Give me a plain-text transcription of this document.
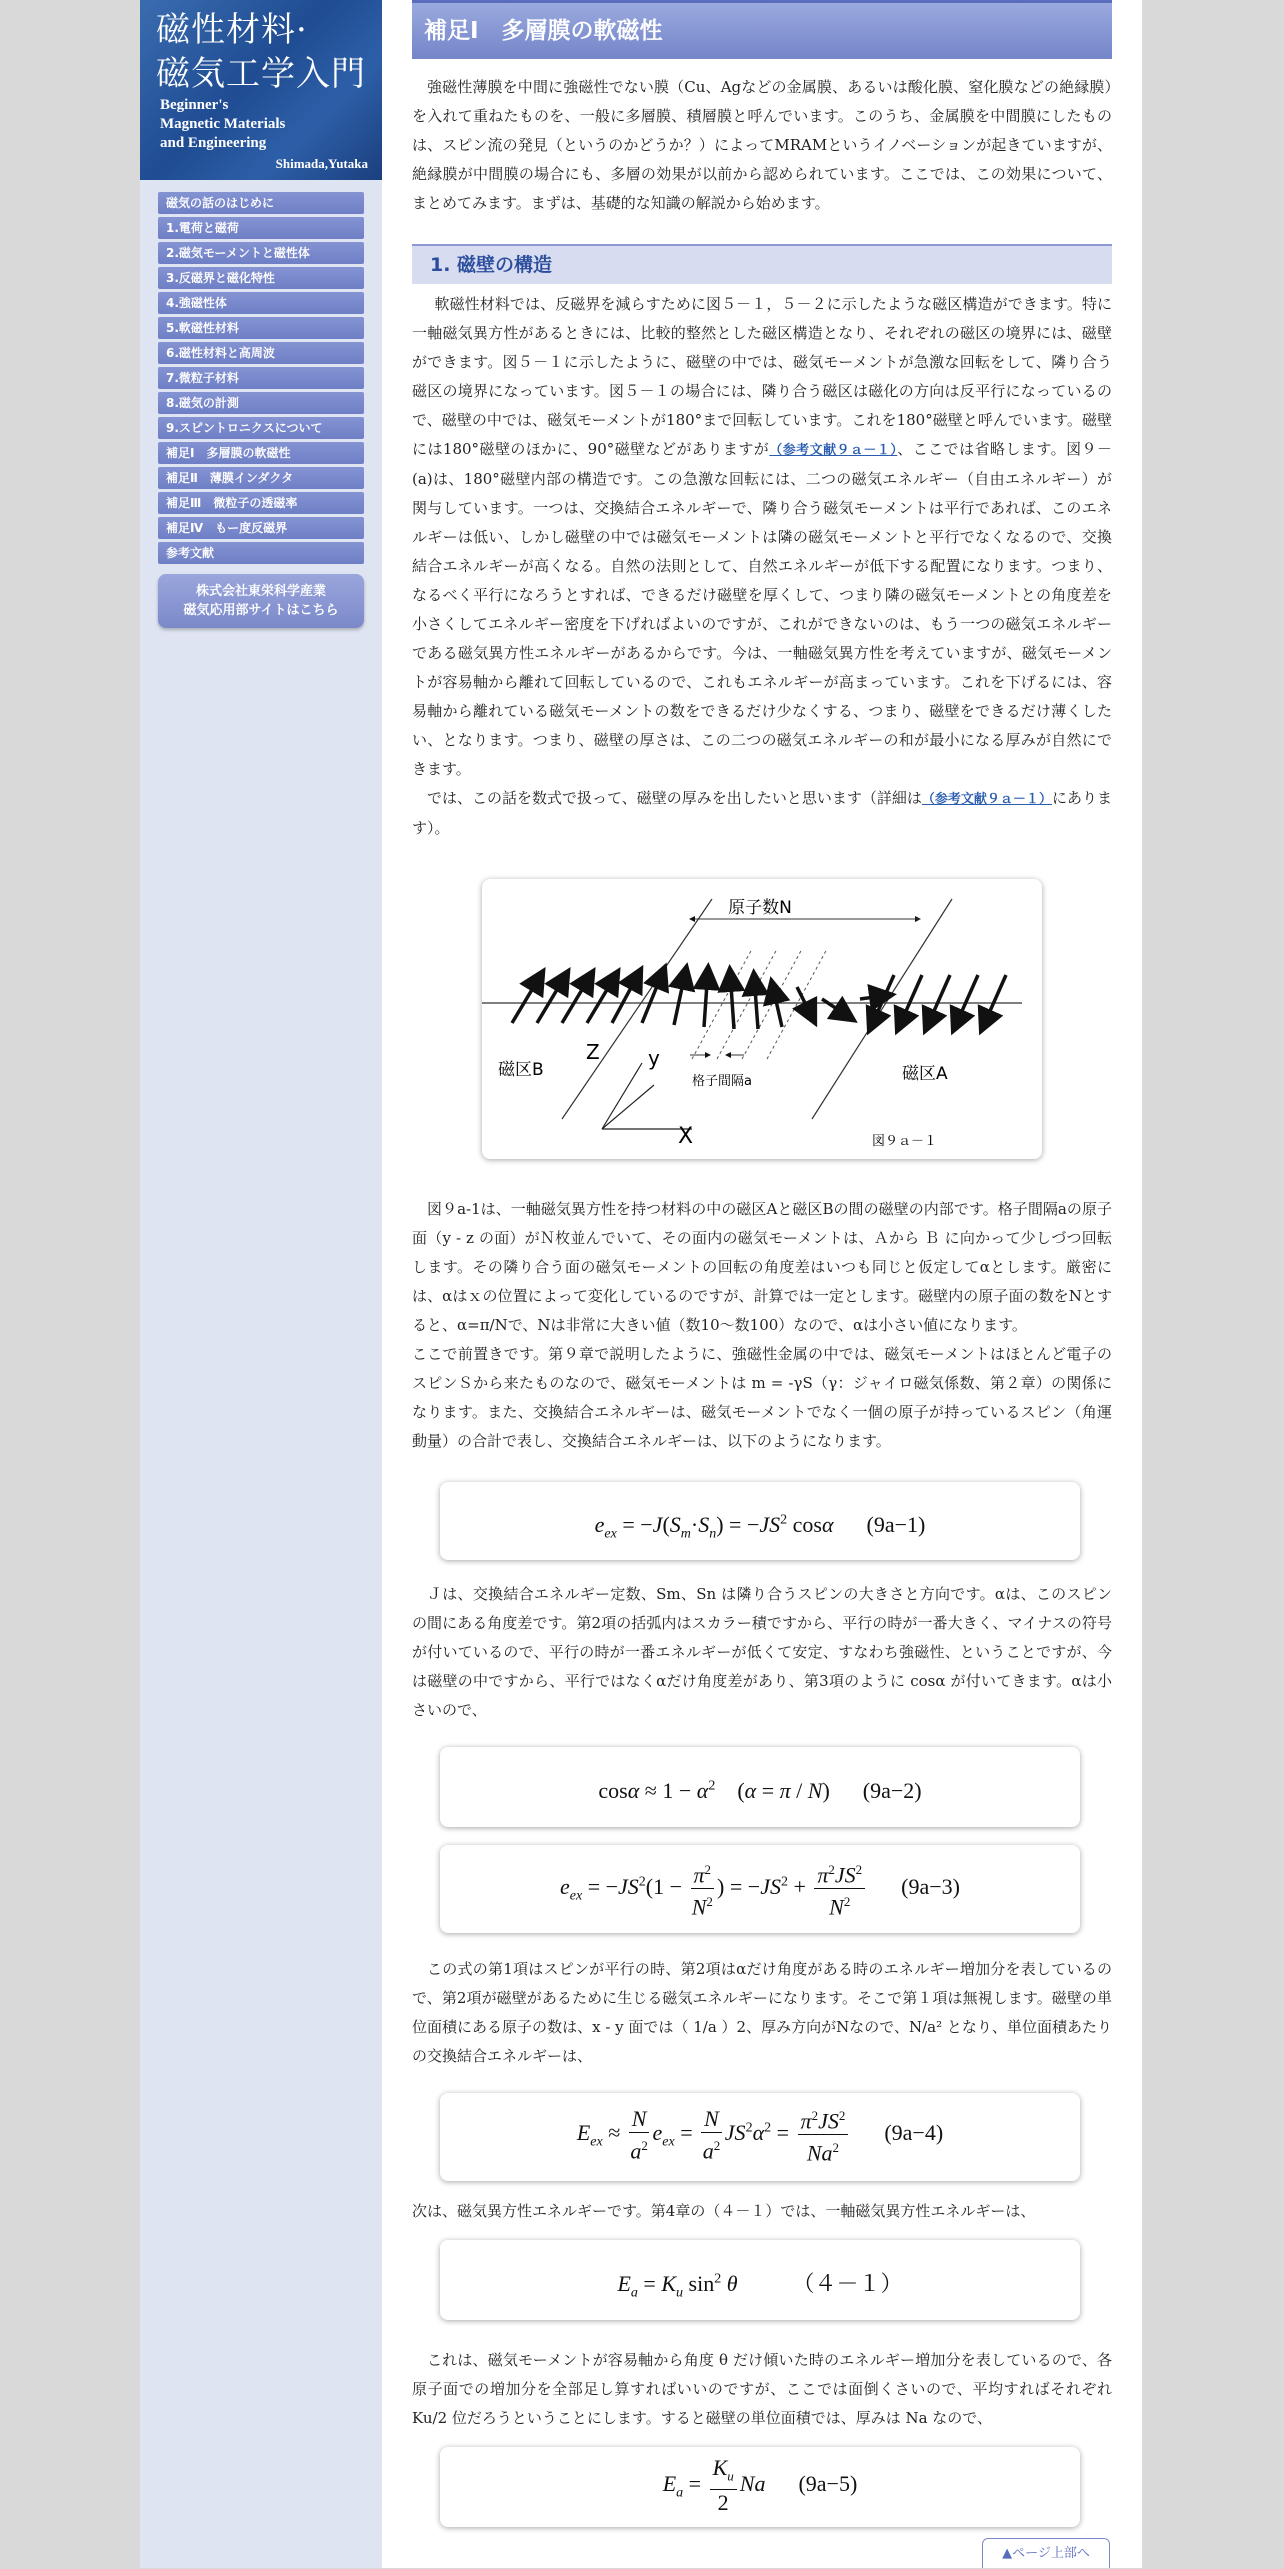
磁性材料·
磁気工学入門
Beginner's
Magnetic Materials
and Engineering
Shimada,Yutaka
磁気の話のはじめに
1.電荷と磁荷
2.磁気モーメントと磁性体
3.反磁界と磁化特性
4.強磁性体
5.軟磁性材料
6.磁性材料と高周波
7.微粒子材料
8.磁気の計測
9.スピントロニクスについて
補足Ⅰ　多層膜の軟磁性
補足Ⅱ　薄膜インダクタ
補足Ⅲ　微粒子の透磁率
補足Ⅳ　もー度反磁界
参考文献
株式会社東栄科学産業
磁気応用部サイトはこちら
補足Ⅰ　多層膜の軟磁性

強磁性薄膜を中間に強磁性でない膜（Cu、Agなどの金属膜、あるいは酸化膜、窒化膜などの絶縁膜）を入れて重ねたものを、一般に多層膜、積層膜と呼んでいます。このうち、金属膜を中間膜にしたものは、スピン流の発見（というのかどうか？）によってMRAMというイノベーションが起きていますが、絶縁膜が中間膜の場合にも、多層の効果が以前から認められています。ここでは、この効果について、まとめてみます。まずは、基礎的な知識の解説から始めます。

1. 磁壁の構造

軟磁性材料では、反磁界を減らすために図５－１，５－２に示したような磁区構造ができます。特に一軸磁気異方性があるときには、比較的整然とした磁区構造となり、それぞれの磁区の境界には、磁壁ができます。図５－１に示したように、磁壁の中では、磁気モーメントが急激な回転をして、隣り合う磁区の境界になっています。図５－１の場合には、隣り合う磁区は磁化の方向は反平行になっているので、磁壁の中では、磁気モーメントが180°まで回転しています。これを180°磁壁と呼んでいます。磁壁には180°磁壁のほかに、90°磁壁などがありますが（参考文献９ａ－１）、ここでは省略します。図９－(a)は、180°磁壁内部の構造です。この急激な回転には、二つの磁気エネルギー（自由エネルギー）が関与しています。一つは、交換結合エネルギーで、隣り合う磁気モーメントは平行であれば、このエネルギーは低い、しかし磁壁の中では磁気モーメントは隣の磁気モーメントと平行でなくなるので、交換結合エネルギーが高くなる。自然の法則として、自然エネルギーが低下する配置になります。つまり、なるべく平行になろうとすれば、できるだけ磁壁を厚くして、つまり隣の磁気モーメントとの角度差を小さくしてエネルギー密度を下げればよいのですが、これができないのは、もう一つの磁気エネルギーである磁気異方性エネルギーがあるからです。今は、一軸磁気異方性を考えていますが、磁気モーメントが容易軸から離れて回転しているので、これもエネルギーが高まっています。これを下げるには、容易軸から離れている磁気モーメントの数をできるだけ少なくする、つまり、磁壁をできるだけ薄くしたい、となります。つまり、磁壁の厚さは、この二つの磁気エネルギーの和が最小になる厚みが自然にできます。

では、この話を数式で扱って、磁壁の厚みを出したいと思います（詳細は（参考文献９ａ－１）にあります）。

原子数N
磁区B	磁区A
Z y
X
格子間隔a
図９ａ－１

図９a-1は、一軸磁気異方性を持つ材料の中の磁区Aと磁区Bの間の磁壁の内部です。格子間隔aの原子面（y - z の面）がＮ枚並んでいて、その面内の磁気モーメントは、Ａから Ｂ に向かって少しづつ回転します。その隣り合う面の磁気モーメントの回転の角度差はいつも同じと仮定してαとします。厳密には、αはｘの位置によって変化しているのですが、計算では一定とします。磁壁内の原子面の数をNとすると、α=π/Nで、Nは非常に大きい値（数10～数100）なので、αは小さい値になります。

ここで前置きです。第９章で説明したように、強磁性金属の中では、磁気モーメントはほとんど電子のスピンＳから来たものなので、磁気モーメントは m = -γS（γ：ジャイロ磁気係数、第２章）の関係になります。また、交換結合エネルギーは、磁気モーメントでなく一個の原子が持っているスピン（角運動量）の合計で表し、交換結合エネルギーは、以下のようになります。

$e_{ex} = -J(S_m\cdot S_n) = -JS^2$ cosα (9a−1)

Ｊは、交換結合エネルギー定数、Sm、Sn は隣り合うスピンの大きさと方向です。αは、このスピンの間にある角度差です。第2項の括弧内はスカラー積ですから、平行の時が一番大きく、マイナスの符号が付いているので、平行の時が一番エネルギーが低くて安定、すなわち強磁性、ということですが、今は磁壁の中ですから、平行ではなくαだけ角度差があり、第3項のように cosα が付いてきます。αは小さいので、

$\cos\alpha \approx 1 - \alpha^2$    (α = π / N)      (9a−2)
$e_{ex} = -JS^2(1 - \frac{\pi^2}{N^2}$ ) = $-JS^2 + \frac{\pi^2JS^2}{N^2} (9a-3)$

この式の第1項はスピンが平行の時、第2項はαだけ角度がある時のエネルギー増加分を表しているので、第2項が磁壁があるために生じる磁気エネルギーになります。そこで第１項は無視します。磁壁の単位面積にある原子の数は、x - y 面では（ 1/a ）2、厚み方向がNなので、N/a² となり、単位面積あたりの交換結合エネルギーは、

$E_{ex} \approx \frac{N}{a^2} e_{ex} = \frac{N}{a^2} JS^2\alpha^2 = \frac{\pi^2JS^2}{Na^2} (9a-4)$

次は、磁気異方性エネルギーです。第4章の（４－１）では、一軸磁気異方性エネルギーは、

$E_a = K_u$ $\sin^2 \theta$	（４－１）

これは、磁気モーメントが容易軸から角度 θ だけ傾いた時のエネルギー増加分を表しているので、各原子面での増加分を全部足し算すればいいのですが、ここでは面倒くさいので、平均すればそれぞれ Ku/2 位だろうということにします。すると磁壁の単位面積では、厚みは Na なので、

$E_a = \frac{K_u}{2}$ Na (9a−5)
▲ページ上部へ
